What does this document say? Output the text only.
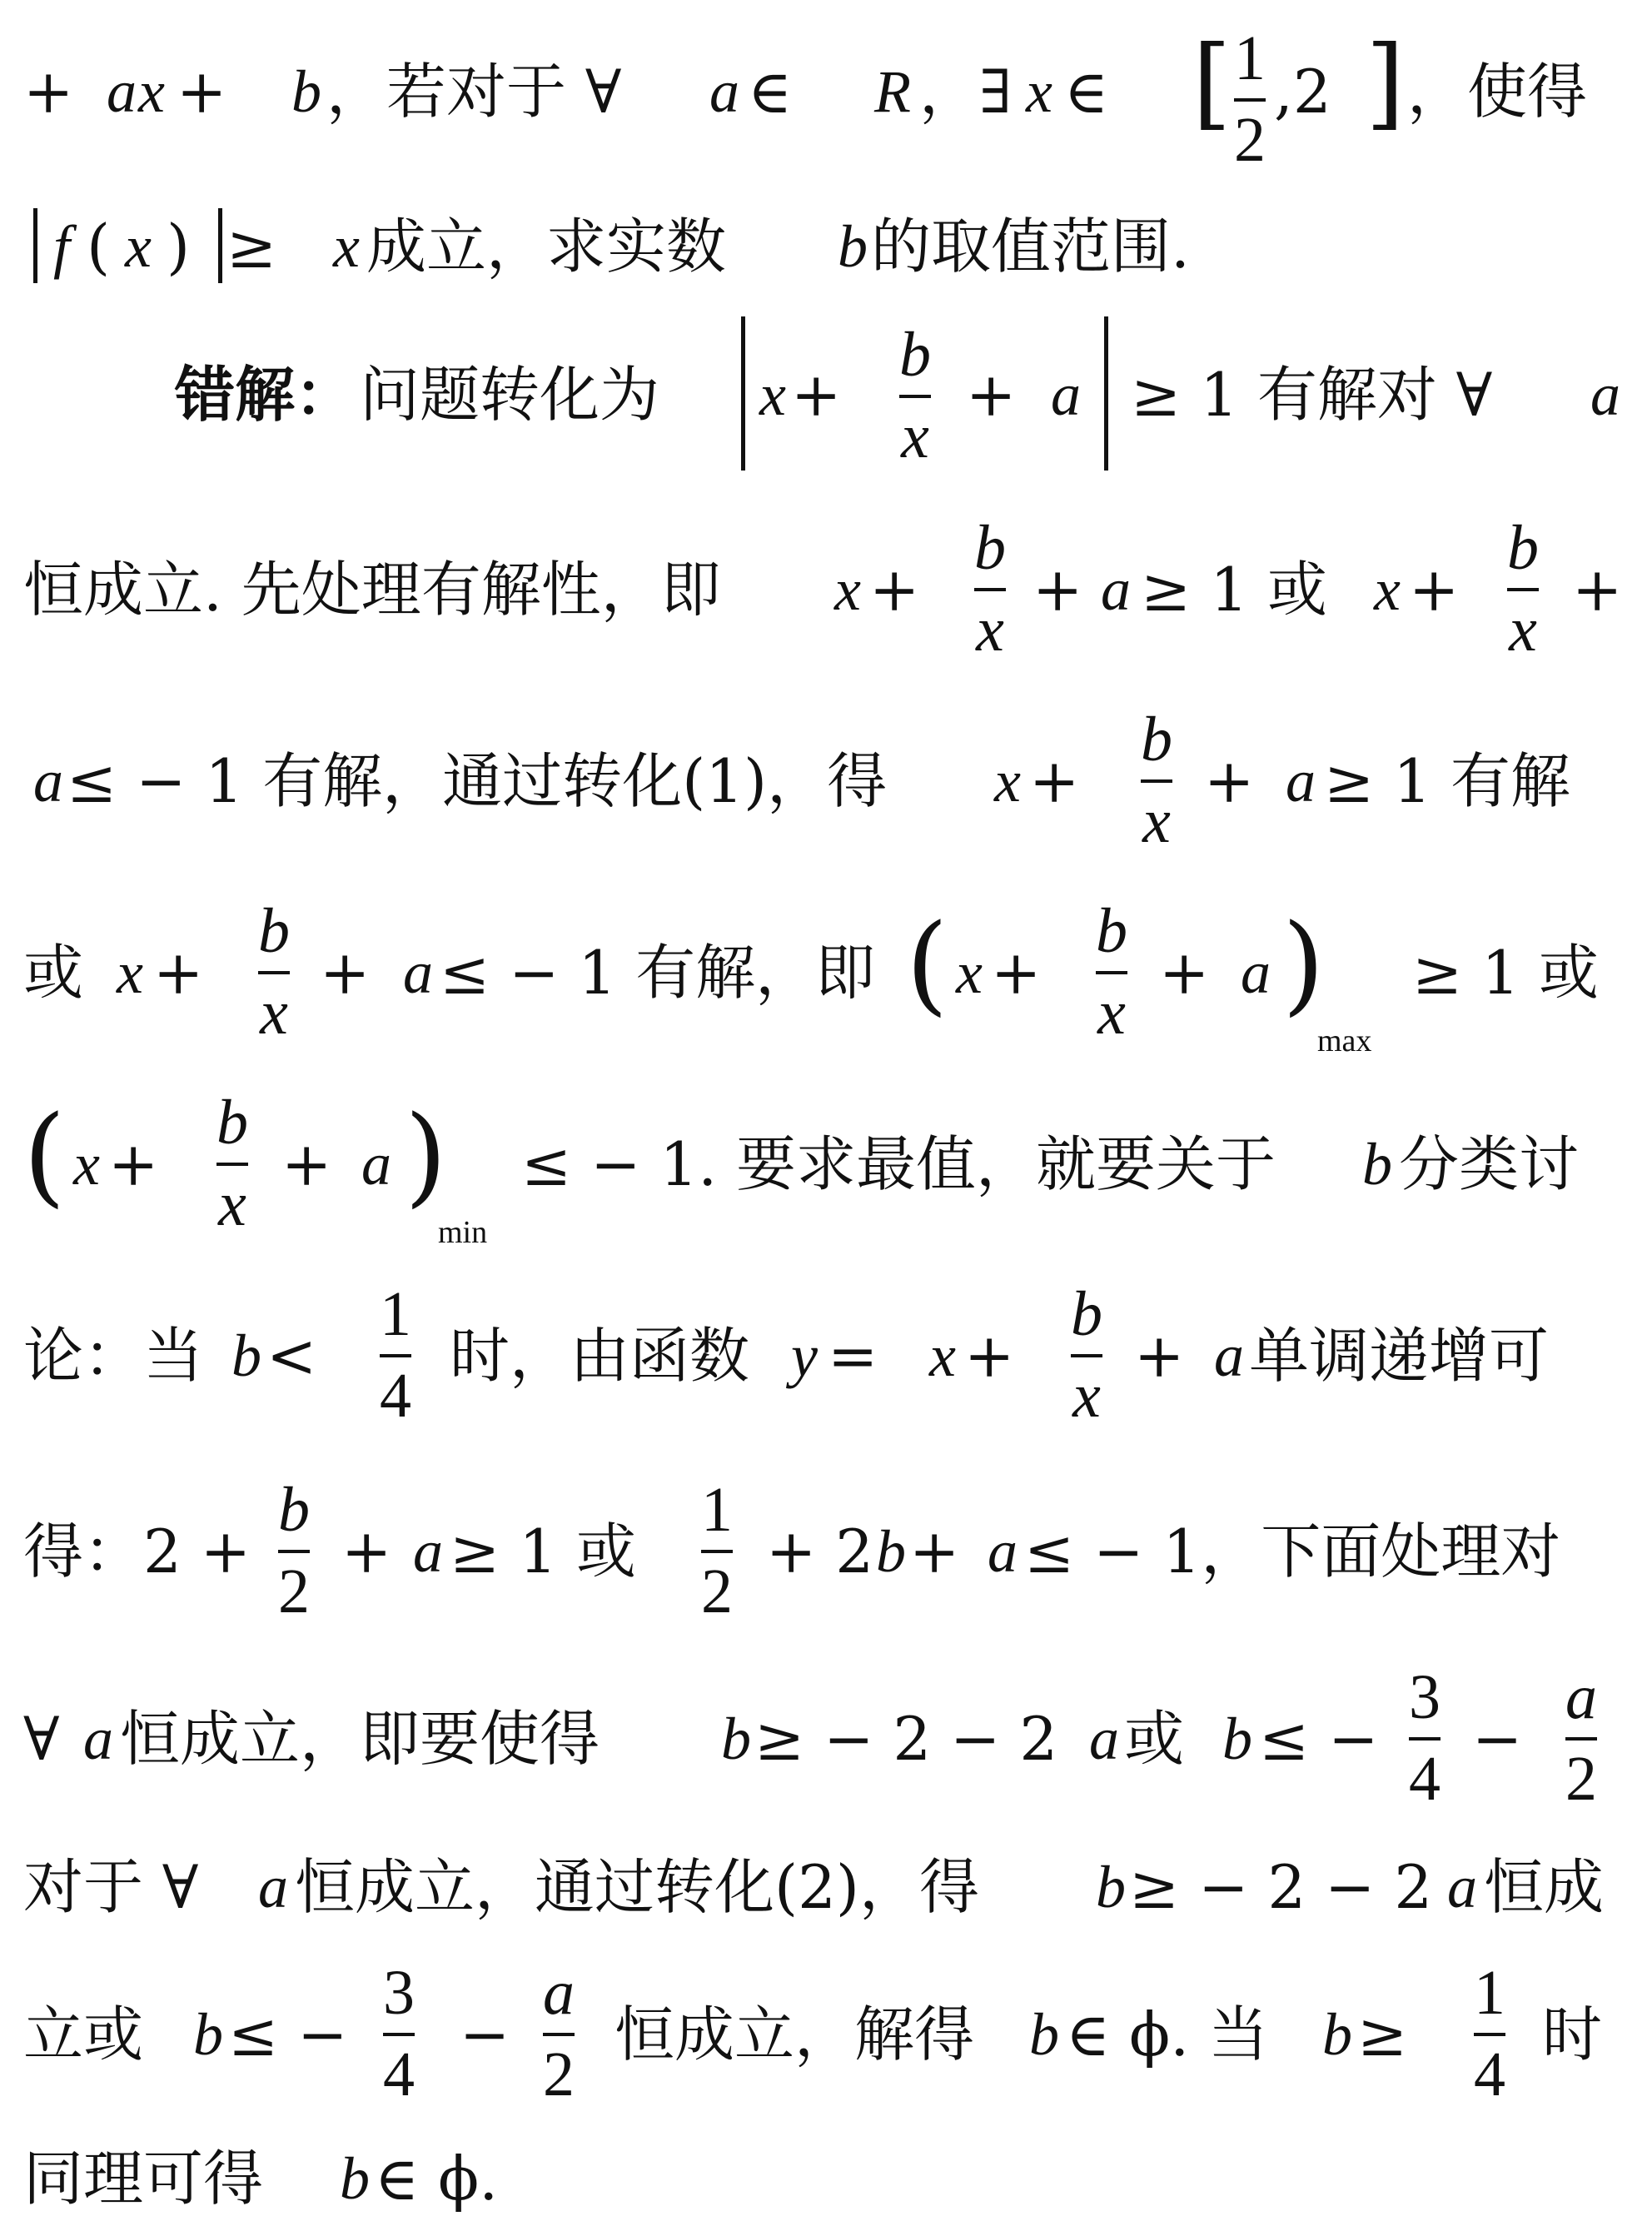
+ a x + b ，若对于 ∀ a ∈ R ，∃ x ∈ [ 1
2
,2 ] ，使得
f ( x ) ≥ x 成立，求实数 b 的取值范围.
错解： 问题转化为 x +
b
x
+ a ≥ 1 有解对 ∀ a
恒成立. 先处理有解性，即 x +
b
x
+ a ≥ 1 或 x +
b
x
+
a ≤ − 1 有解，通过转化(1)，得 x +
b
x
+ a ≥ 1 有解
或 x +
b
x
+ a ≤ − 1 有解，即 ( x +
b
x
+ a )
max
≥ 1 或
( x +
b
x
+ a )
min
≤ − 1. 要求最值，就要关于 b 分类讨
论：当 b <
1
4
时，由函数 y = x +
b
x
+ a 单调递增可
得：2 +
b
2
+ a ≥ 1 或
1
2
+ 2 b + a ≤ − 1，下面处理对
∀ a 恒成立，即要使得 b ≥ − 2 − 2 a 或 b ≤ −
3
4
−
a
2
对于 ∀ a 恒成立，通过转化(2)，得 b ≥ − 2 − 2 a 恒成
立或 b ≤ −
3
4
−
a
2
恒成立，解得 b ∈ ϕ. 当 b ≥
1
4
时
同理可得 b ∈ ϕ.
